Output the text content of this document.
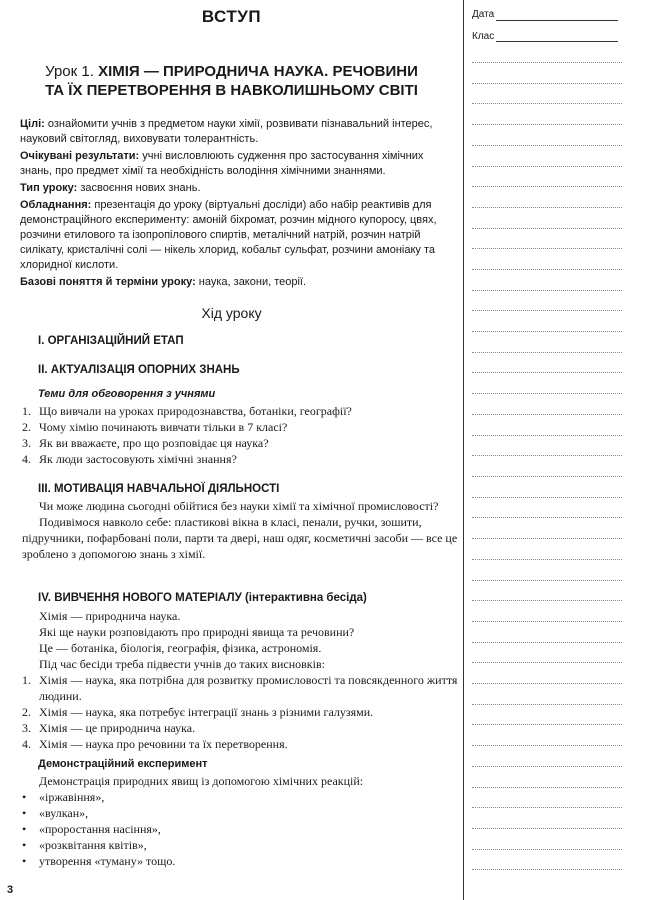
ВСТУП	Дата
Клас
Урок 1. ХІМІЯ — ПРИРОДНИЧА НАУКА. РЕЧОВИНИ
ТА ЇХ ПЕРЕТВОРЕННЯ В НАВКОЛИШНЬОМУ СВІТІ
Цілі: ознайомити учнів з предметом науки хімії, розвивати пізнавальний інтерес, науковий світогляд, виховувати толерантність.
Очікувані результати: учні висловлюють судження про застосування хімічних знань, про предмет хімії та необхідність володіння хімічними знаннями.
Тип уроку: засвоєння нових знань.
Обладнання: презентація до уроку (віртуальні досліди) або набір реактивів для демонстраційного експерименту: амоній біхромат, розчин мідного купоросу, цвях, розчини етилового та ізопропілового спиртів, металічний натрій, розчин натрій силікату, кристалічні солі — нікель хлорид, кобальт сульфат, розчини амоніаку та хлоридної кислоти.
Базові поняття й терміни уроку: наука, закони, теорії.
Хід уроку
І. ОРГАНІЗАЦІЙНИЙ ЕТАП
ІІ. АКТУАЛІЗАЦІЯ ОПОРНИХ ЗНАНЬ
Теми для обговорення з учнями
1. Що вивчали на уроках природознавства, ботаніки, географії?
2. Чому хімію починають вивчати тільки в 7 класі?
3. Як ви вважаєте, про що розповідає ця наука?
4. Як люди застосовують хімічні знання?
ІІІ. МОТИВАЦІЯ НАВЧАЛЬНОЇ ДІЯЛЬНОСТІ
Чи може людина сьогодні обійтися без науки хімії та хімічної промисловості?
Подивімося навколо себе: пластикові вікна в класі, пенали, ручки, зошити, підручники, пофарбовані поли, парти та двері, наш одяг, косметичні засоби — все це зроблено з допомогою знань з хімії.
IV. ВИВЧЕННЯ НОВОГО МАТЕРІАЛУ (інтерактивна бесіда)
Хімія — природнича наука.
Які ще науки розповідають про природні явища та речовини?
Це — ботаніка, біологія, географія, фізика, астрономія.
Під час бесіди треба підвести учнів до таких висновків:
1. Хімія — наука, яка потрібна для розвитку промисловості та повсякденного життя людини.
2. Хімія — наука, яка потребує інтеграції знань з різними галузями.
3. Хімія — це природнича наука.
4. Хімія — наука про речовини та їх перетворення.
Демонстраційний експеримент
Демонстрація природних явищ із допомогою хімічних реакцій:
• «іржавіння»,
• «вулкан»,
• «проростання насіння»,
• «розквітання квітів»,
• утворення «туману» тощо.
3
